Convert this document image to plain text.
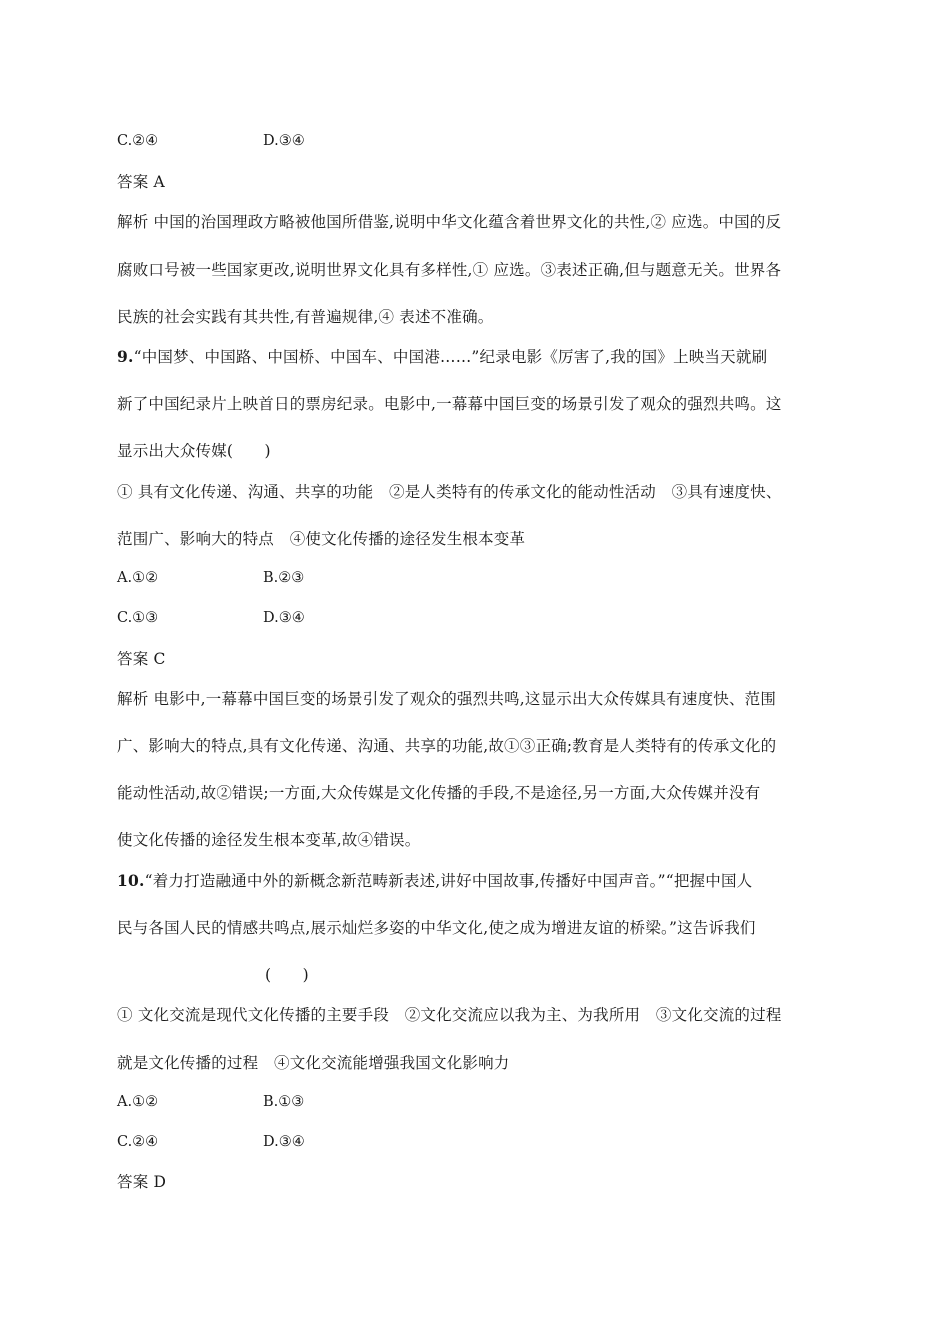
C.②④	D.③④
答案 A
解析 中国的治国理政方略被他国所借鉴,说明中华文化蕴含着世界文化的共性,② 应选。中国的反
腐败口号被一些国家更改,说明世界文化具有多样性,① 应选。③表述正确,但与题意无关。世界各
民族的社会实践有其共性,有普遍规律,④ 表述不准确。
9.“中国梦、中国路、中国桥、中国车、中国港……”纪录电影《厉害了,我的国》上映当天就刷
新了中国纪录片上映首日的票房纪录。电影中,一幕幕中国巨变的场景引发了观众的强烈共鸣。这
显示出大众传媒(　　)
① 具有文化传递、沟通、共享的功能　②是人类特有的传承文化的能动性活动　③具有速度快、
范围广、影响大的特点　④使文化传播的途径发生根本变革
A.①②	B.②③
C.①③	D.③④
答案 C
解析 电影中,一幕幕中国巨变的场景引发了观众的强烈共鸣,这显示出大众传媒具有速度快、范围
广、影响大的特点,具有文化传递、沟通、共享的功能,故①③正确;教育是人类特有的传承文化的
能动性活动,故②错误;一方面,大众传媒是文化传播的手段,不是途径,另一方面,大众传媒并没有
使文化传播的途径发生根本变革,故④错误。
10.“着力打造融通中外的新概念新范畴新表述,讲好中国故事,传播好中国声音。”“把握中国人
民与各国人民的情感共鸣点,展示灿烂多姿的中华文化,使之成为增进友谊的桥梁。”这告诉我们
(　　)
① 文化交流是现代文化传播的主要手段　②文化交流应以我为主、为我所用　③文化交流的过程
就是文化传播的过程　④文化交流能增强我国文化影响力
A.①②	B.①③
C.②④	D.③④
答案 D
